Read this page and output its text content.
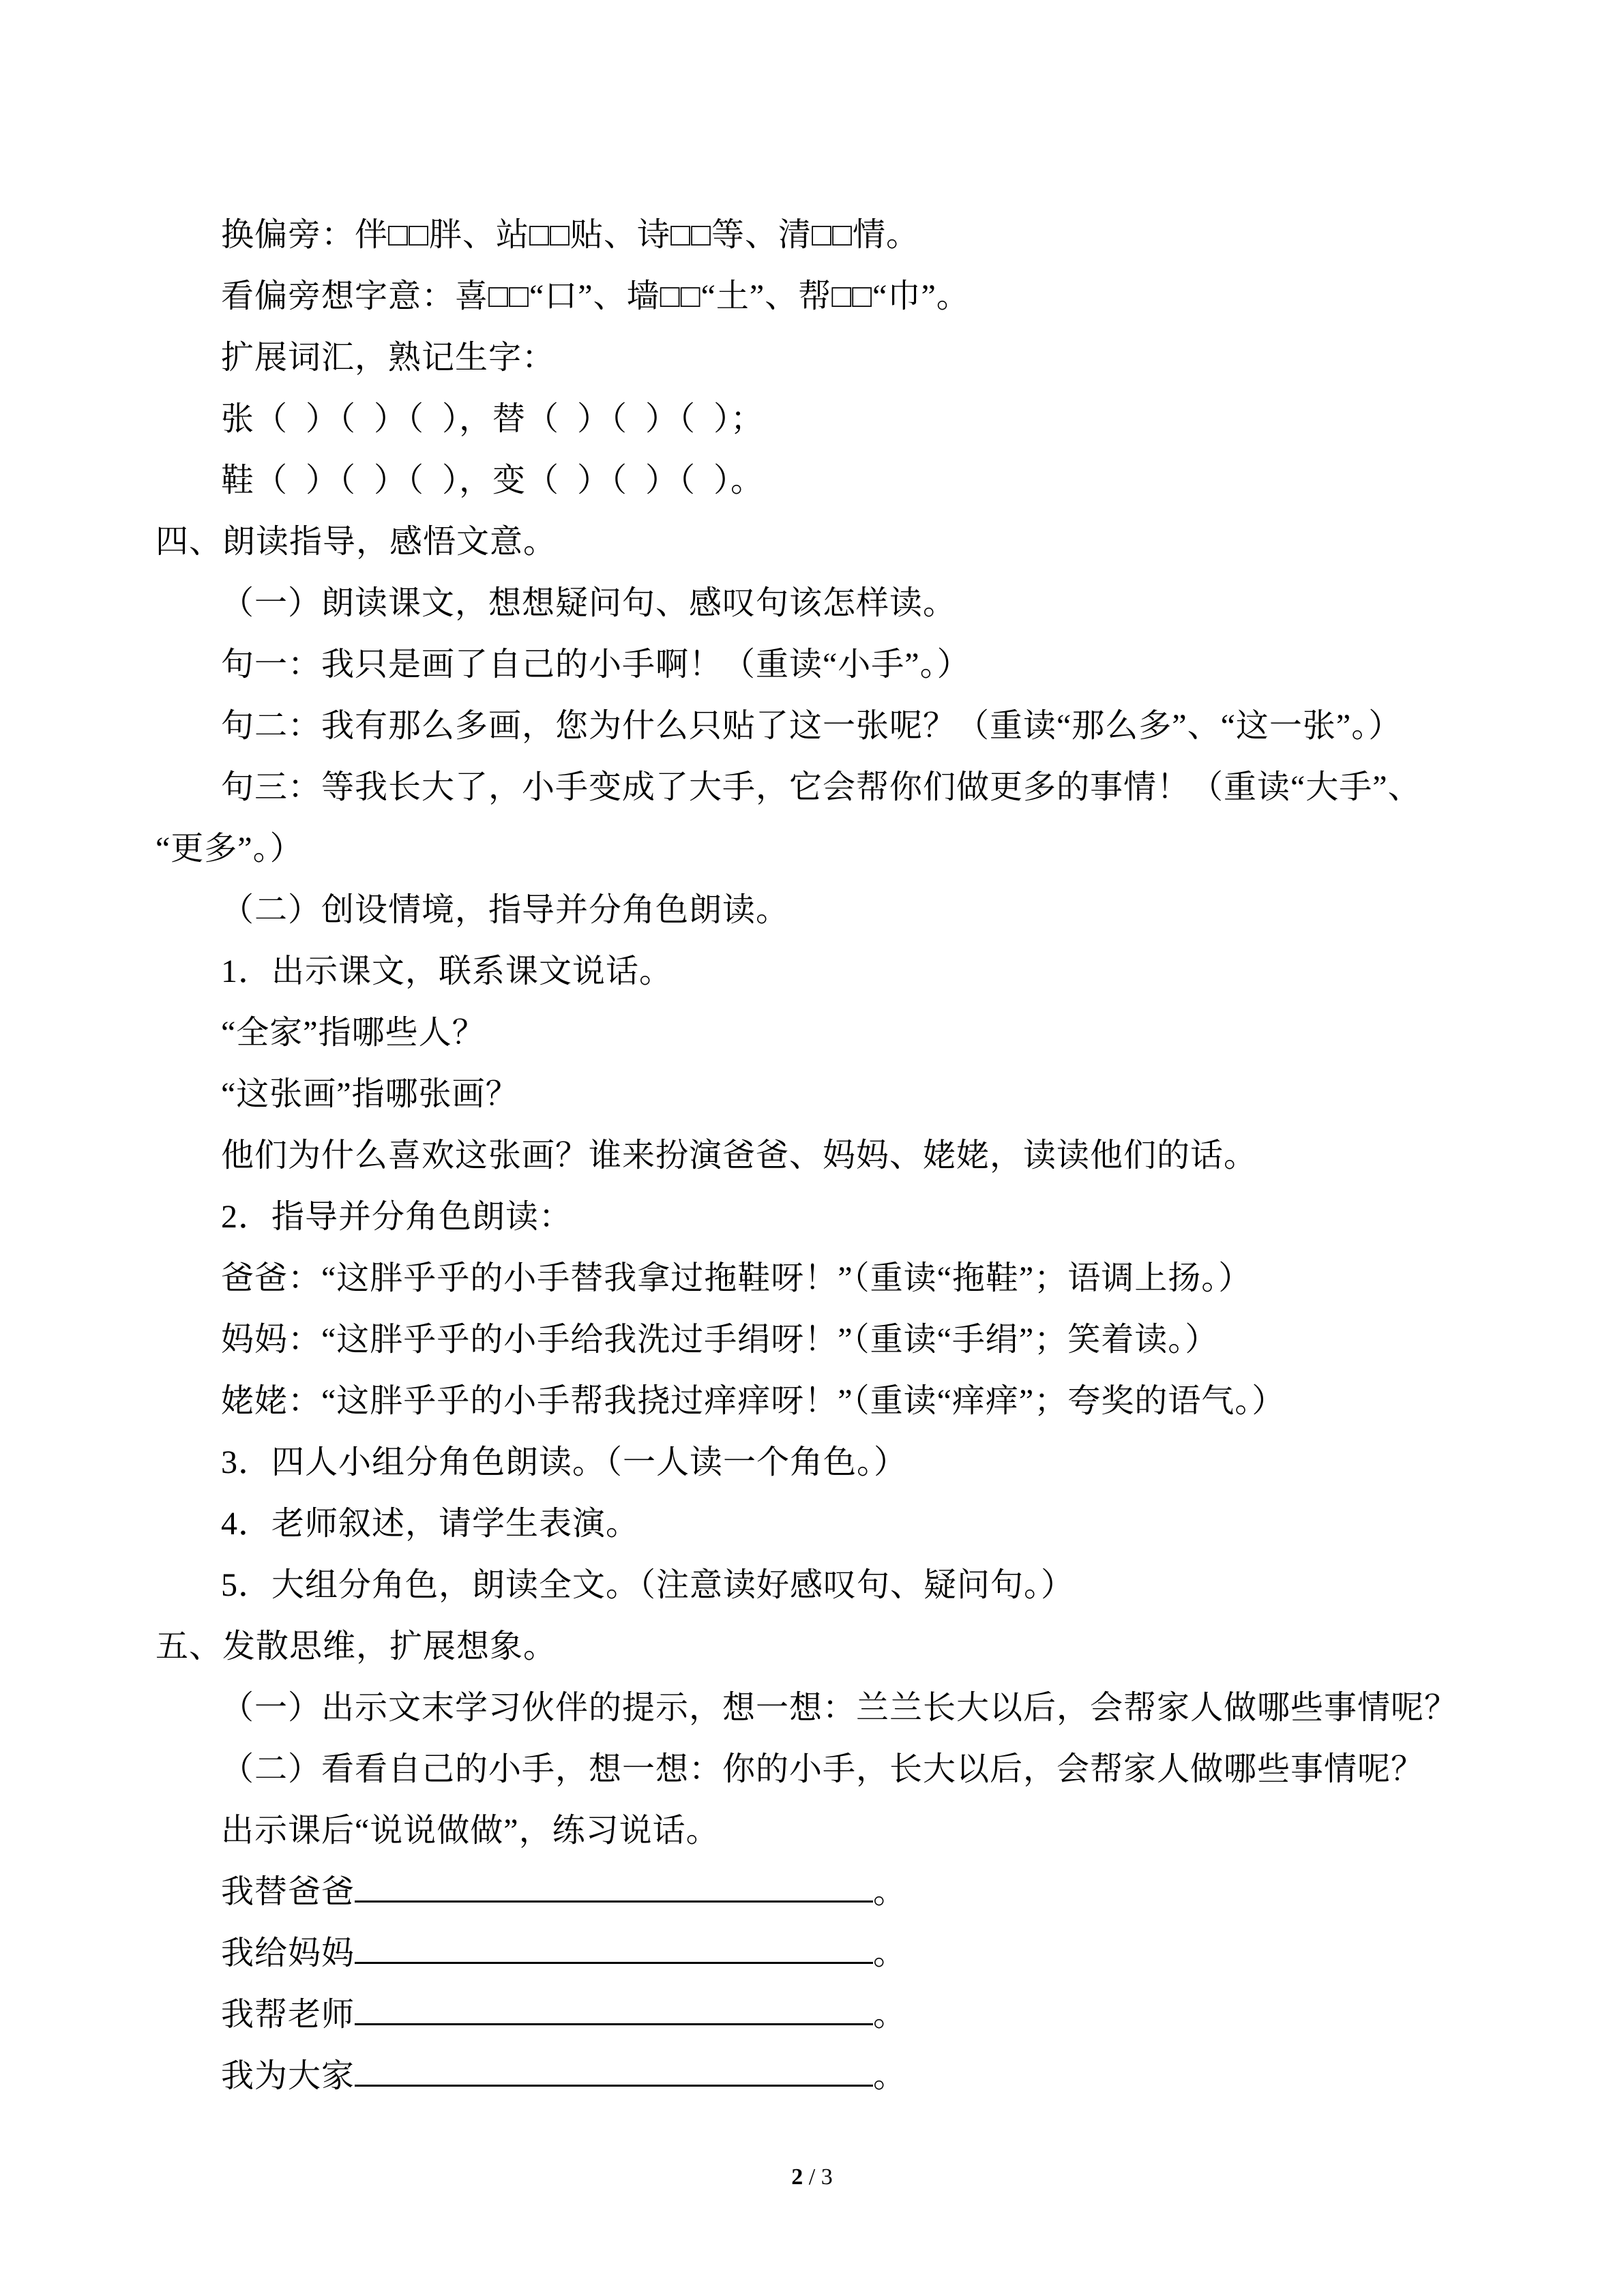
换偏旁：伴□□胖、站□□贴、诗□□等、清□□情。
看偏旁想字意：喜□□“口”、墙□□“土”、帮□□“巾”。
扩展词汇，熟记生字：
张（  ）（  ）（  ），替（  ）（  ）（  ）；
鞋（  ）（  ）（  ），变（  ）（  ）（  ）。
四、朗读指导，感悟文意。
（一）朗读课文，想想疑问句、感叹句该怎样读。
句一：我只是画了自己的小手啊！（重读“小手”。）
句二：我有那么多画，您为什么只贴了这一张呢？（重读“那么多”、“这一张”。）
句三：等我长大了，小手变成了大手，它会帮你们做更多的事情！（重读“大手”、
“更多”。）
（二）创设情境，指导并分角色朗读。
1．出示课文，联系课文说话。
“全家”指哪些人？
“这张画”指哪张画？
他们为什么喜欢这张画？谁来扮演爸爸、妈妈、姥姥，读读他们的话。
2．指导并分角色朗读：
爸爸：“这胖乎乎的小手替我拿过拖鞋呀！”（重读“拖鞋”；语调上扬。）
妈妈：“这胖乎乎的小手给我洗过手绢呀！”（重读“手绢”；笑着读。）
姥姥：“这胖乎乎的小手帮我挠过痒痒呀！”（重读“痒痒”；夸奖的语气。）
3．四人小组分角色朗读。（一人读一个角色。）
4．老师叙述，请学生表演。
5．大组分角色，朗读全文。（注意读好感叹句、疑问句。）
五、发散思维，扩展想象。
（一）出示文末学习伙伴的提示，想一想：兰兰长大以后，会帮家人做哪些事情呢？
（二）看看自己的小手，想一想：你的小手，长大以后，会帮家人做哪些事情呢？
出示课后“说说做做”，练习说话。
我替爸爸	。
我给妈妈	。
我帮老师	。
我为大家	。
2 / 3
